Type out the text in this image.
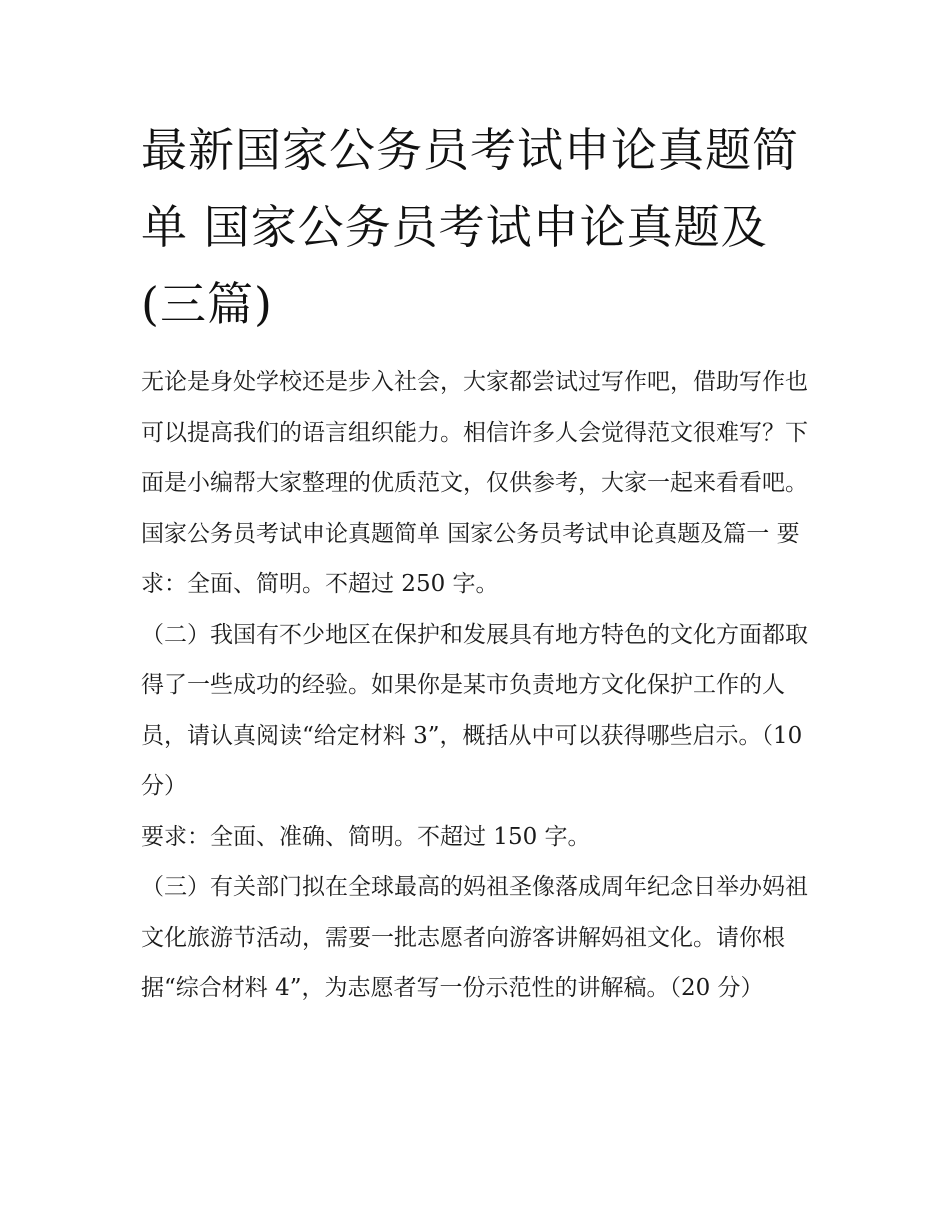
最新国家公务员考试申论真题简单 国家公务员考试申论真题及(三篇)

无论是身处学校还是步入社会，大家都尝试过写作吧，借助写作也可以提高我们的语言组织能力。相信许多人会觉得范文很难写？下面是小编帮大家整理的优质范文，仅供参考，大家一起来看看吧。

国家公务员考试申论真题简单 国家公务员考试申论真题及篇一 要求：全面、简明。不超过 250 字。

（二）我国有不少地区在保护和发展具有地方特色的文化方面都取得了一些成功的经验。如果你是某市负责地方文化保护工作的人员，请认真阅读“给定材料 3”，概括从中可以获得哪些启示。（10 分）

要求：全面、准确、简明。不超过 150 字。

（三）有关部门拟在全球最高的妈祖圣像落成周年纪念日举办妈祖文化旅游节活动，需要一批志愿者向游客讲解妈祖文化。请你根据“综合材料 4”，为志愿者写一份示范性的讲解稿。（20 分）
